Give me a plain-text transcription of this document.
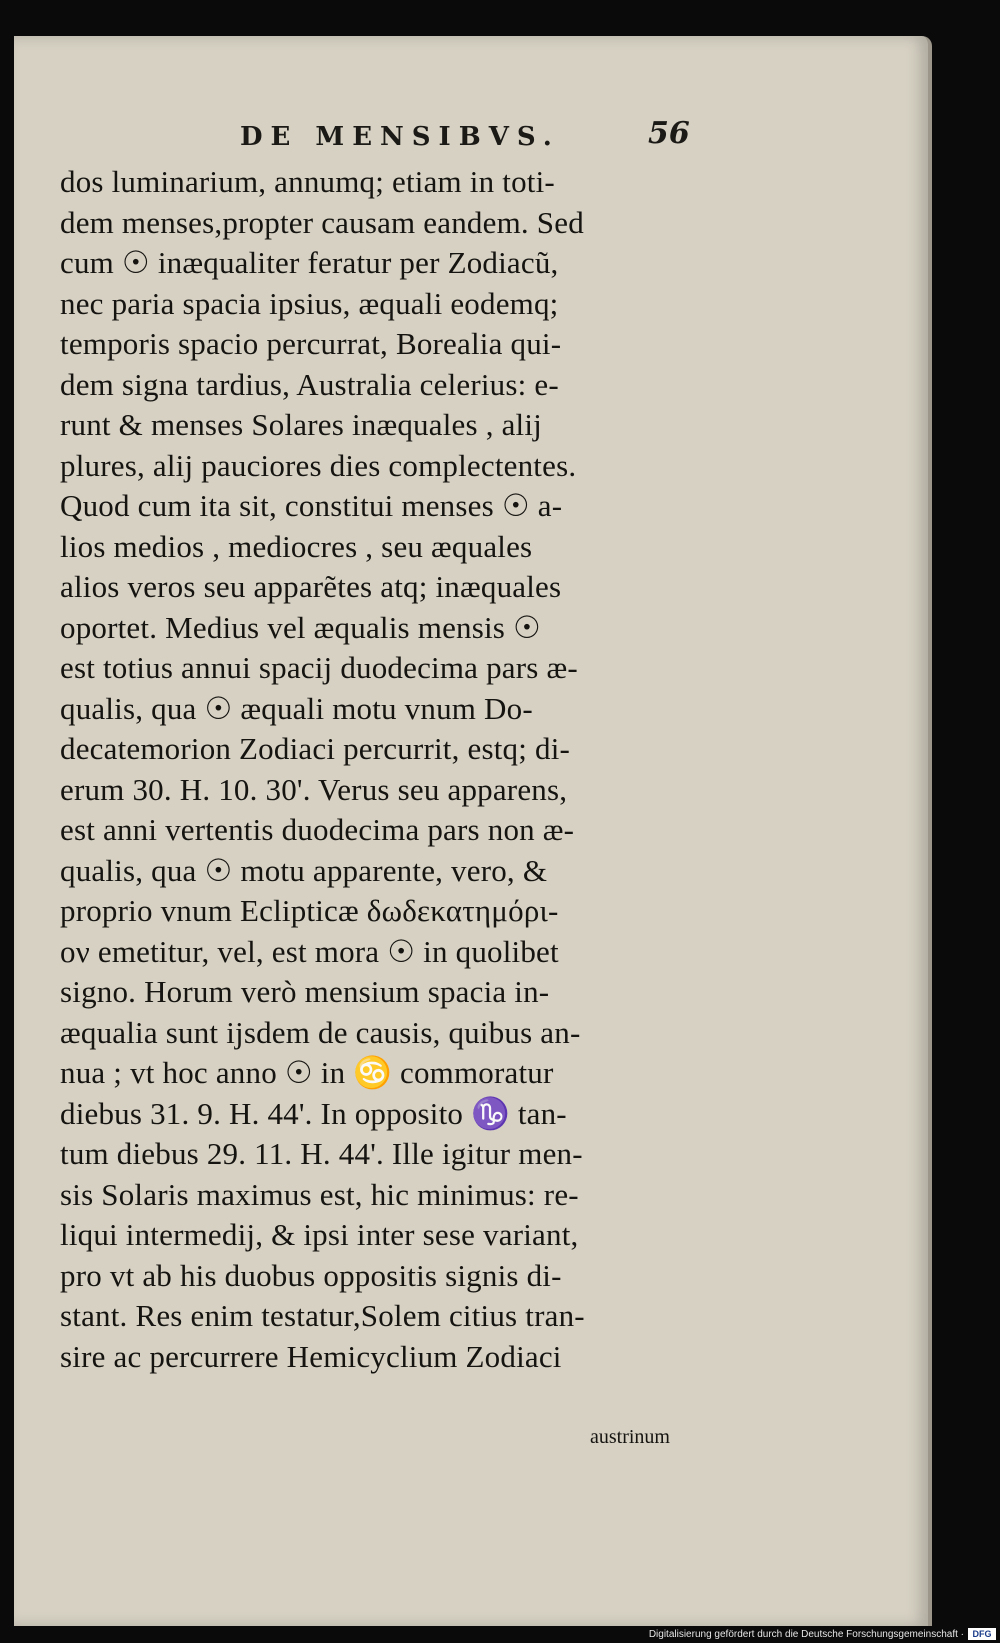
DE MENSIBVS.	56
dos luminarium, annumq; etiam in toti-
dem menses,propter causam eandem. Sed
cum ☉ inæqualiter feratur per Zodiacũ,
nec paria spacia ipsius, æquali eodemq;
temporis spacio percurrat, Borealia qui-
dem signa tardius, Australia celerius: e-
runt & menses Solares inæquales , alij
plures, alij pauciores dies complectentes.
Quod cum ita sit, constitui menses ☉ a-
lios medios , mediocres , seu æquales
alios veros seu apparẽtes atq; inæquales
oportet. Medius vel æqualis mensis ☉
est totius annui spacij duodecima pars æ-
qualis, qua ☉ æquali motu vnum Do-
decatemorion Zodiaci percurrit, estq; di-
erum 30. H. 10. 30'. Verus seu apparens,
est anni vertentis duodecima pars non æ-
qualis, qua ☉ motu apparente, vero, &
proprio vnum Eclipticæ δωδεκατημόρι-
ον emetitur, vel, est mora ☉ in quolibet
signo. Horum verò mensium spacia in-
æqualia sunt ijsdem de causis, quibus an-
nua ; vt hoc anno ☉ in ♋ commoratur
diebus 31. 9. H. 44'. In opposito ♑ tan-
tum diebus 29. 11. H. 44'. Ille igitur men-
sis Solaris maximus est, hic minimus: re-
liqui intermedij, & ipsi inter sese variant,
pro vt ab his duobus oppositis signis di-
stant. Res enim testatur,Solem citius tran-
sire ac percurrere Hemicyclium Zodiaci
austrinum
Digitalisierung gefördert durch die Deutsche Forschungsgemeinschaft · DFG
